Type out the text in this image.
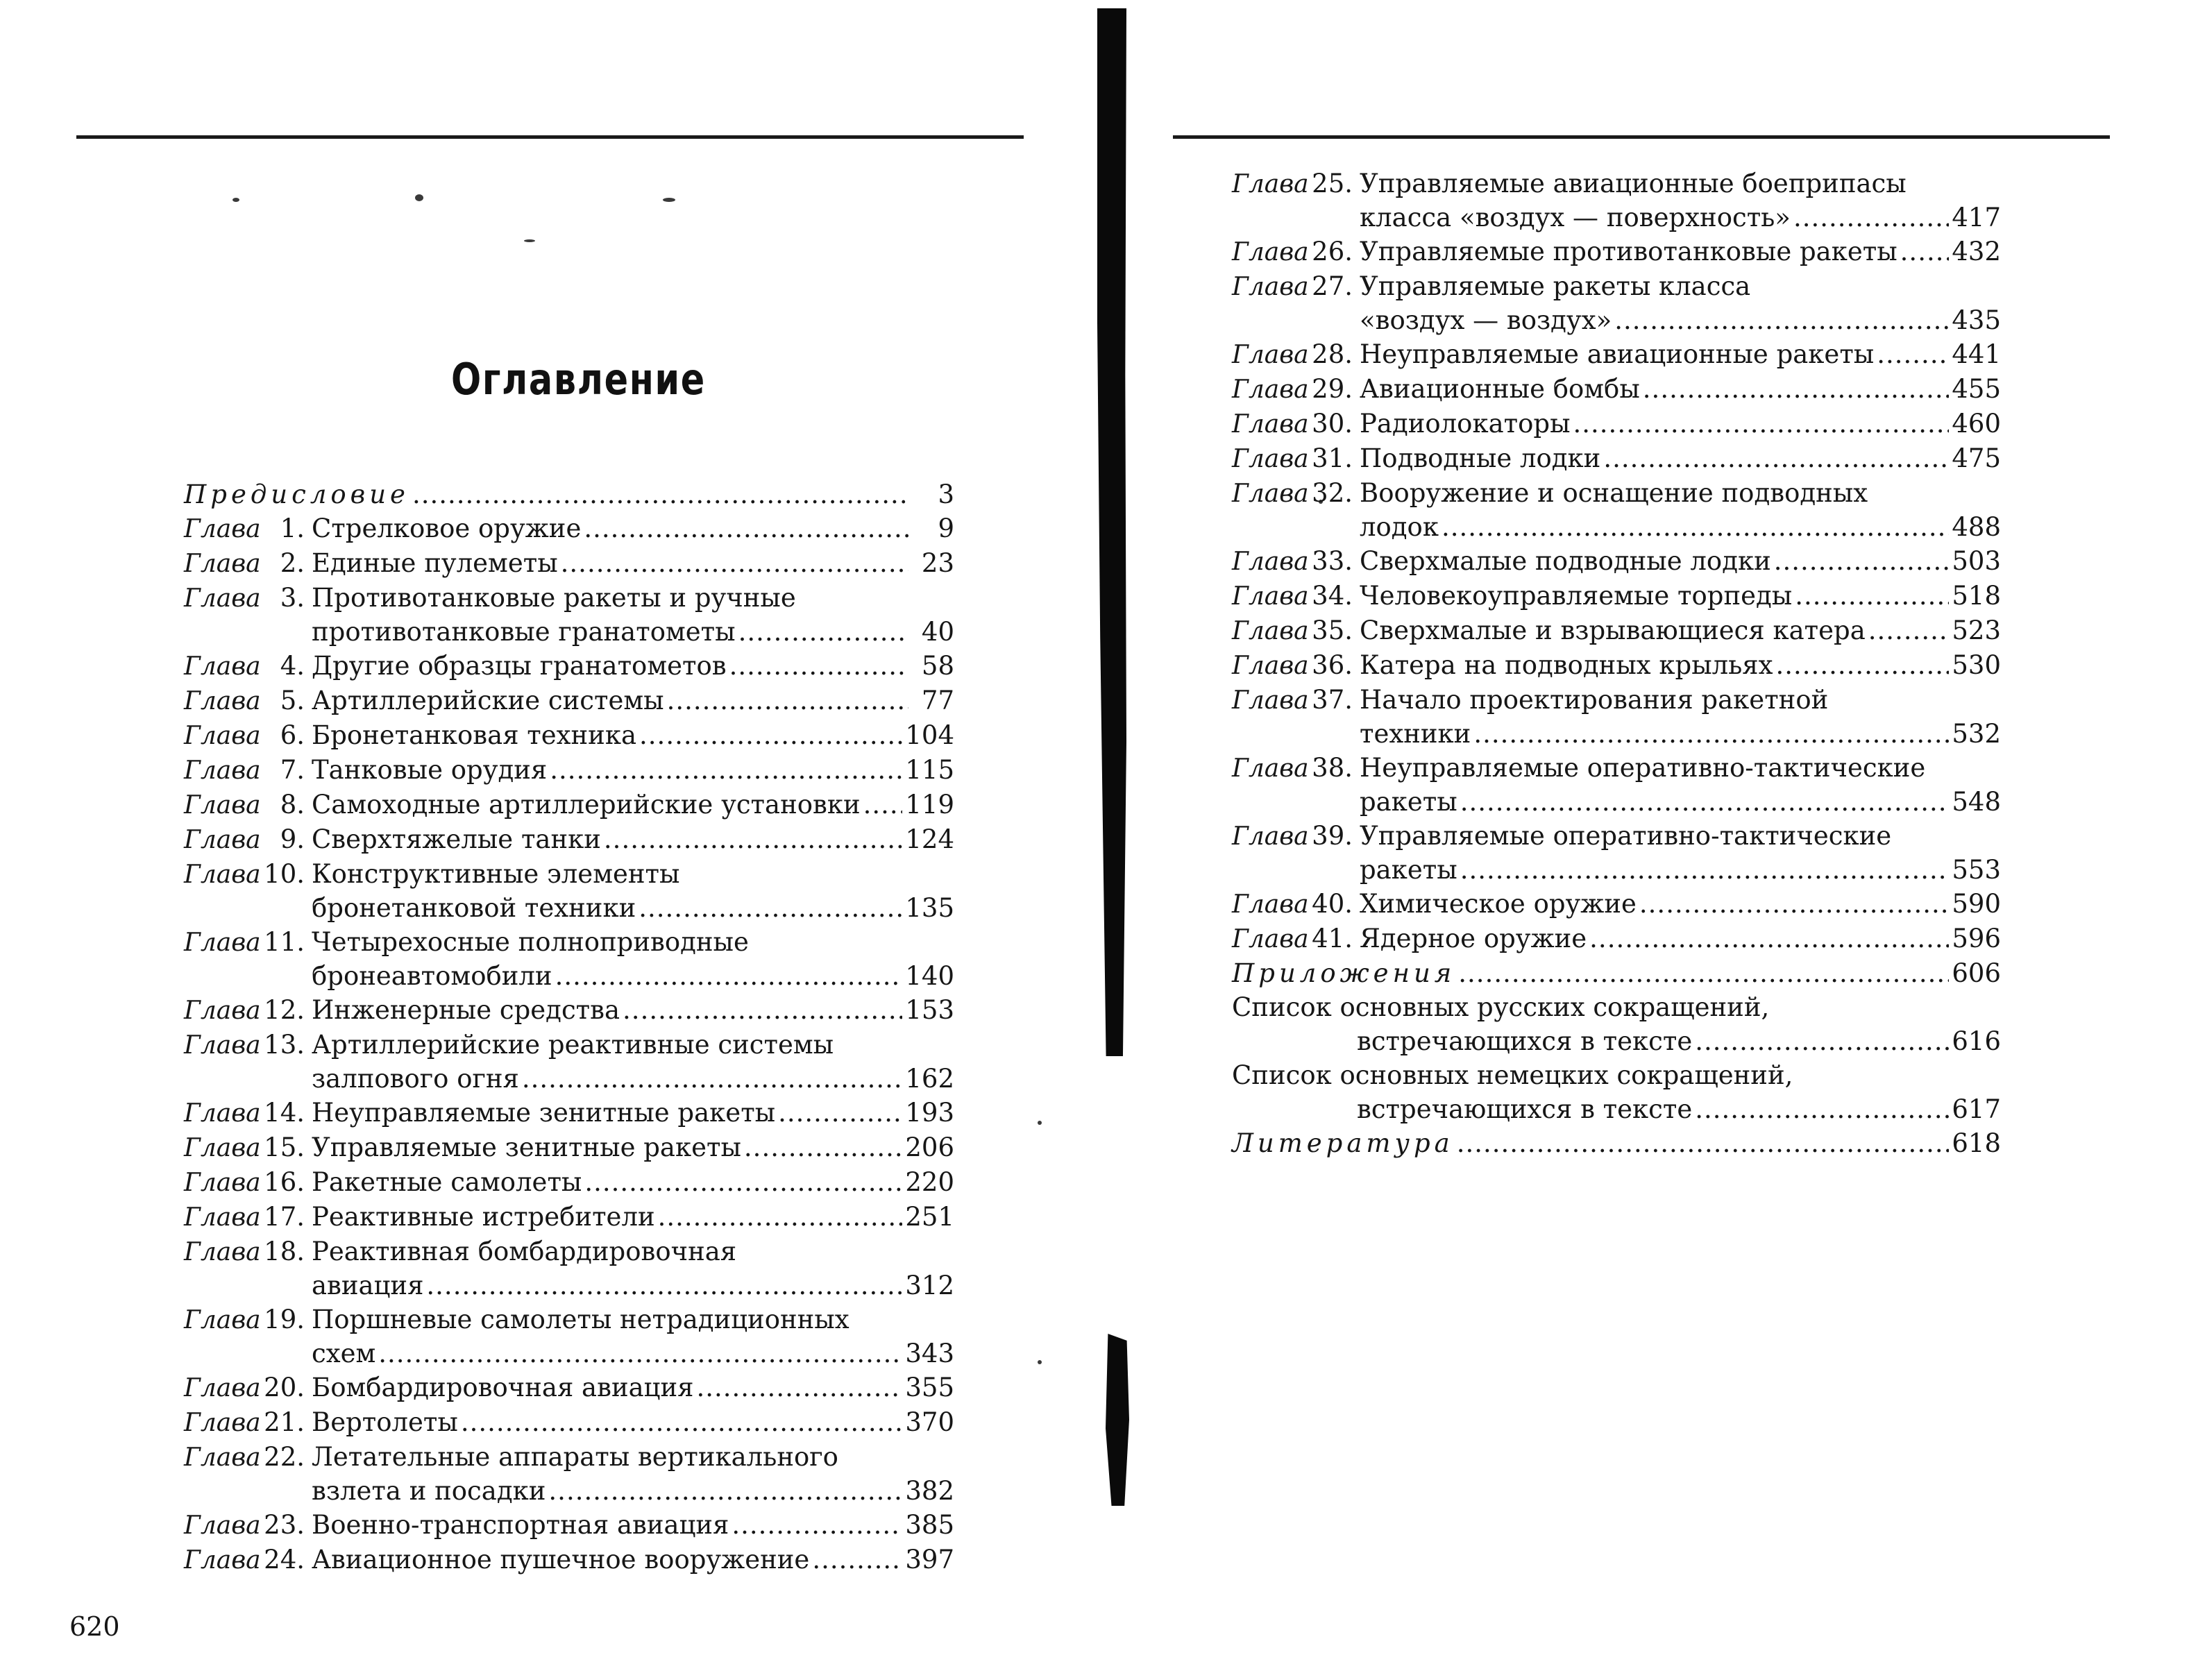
Оглавление
Предисловие .....	3
Глава 1. Стрелковое оружие .....	9
Глава 2. Единые пулеметы .....	23
Глава 3. Противотанковые ракеты и ручные
противотанковые гранатометы .....	40
Глава 4. Другие образцы гранатометов .....	58
Глава 5. Артиллерийские системы .....	77
Глава 6. Бронетанковая техника .....	104
Глава 7. Танковые орудия .....	115
Глава 8. Самоходные артиллерийские установки ..... 119
Глава 9. Сверхтяжелые танки .....	124
Глава 10. Конструктивные элементы
бронетанковой техники .....	135
Глава 11. Четырехосные полноприводные
бронеавтомобили .....	140
Глава 12. Инженерные средства .....	153
Глава 13. Артиллерийские реактивные системы
залпового огня .....	162
Глава 14. Неуправляемые зенитные ракеты .....	193
Глава 15. Управляемые зенитные ракеты .....	206
Глава 16. Ракетные самолеты .....	220
Глава 17. Реактивные истребители .....	251
Глава 18. Реактивная бомбардировочная
авиация .....	312
Глава 19. Поршневые самолеты нетрадиционных
схем .....	343
Глава 20. Бомбардировочная авиация .....	355
Глава 21. Вертолеты .....	370
Глава 22. Летательные аппараты вертикального
взлета и посадки .....	382
Глава 23. Военно-транспортная авиация .....	385
Глава 24. Авиационное пушечное вооружение .....	397
Глава 25. Управляемые авиационные боеприпасы
класса «воздух — поверхность» .....	417
Глава 26. Управляемые противотанковые ракеты ..... 432
Глава 27. Управляемые ракеты класса
«воздух — воздух» .....	435
Глава 28. Неуправляемые авиационные ракеты .....	441
Глава 29. Авиационные бомбы .....	455
Глава 30. Радиолокаторы .....	460
Глава 31. Подводные лодки .....	475
Глава 32. Вооружение и оснащение подводных
лодок .....	488
Глава 33. Сверхмалые подводные лодки .....	503
Глава 34. Человекоуправляемые торпеды .....	518
Глава 35. Сверхмалые и взрывающиеся катера .....	523
Глава 36. Катера на подводных крыльях .....	530
Глава 37. Начало проектирования ракетной
техники .....	532
Глава 38. Неуправляемые оперативно-тактические
ракеты .....	548
Глава 39. Управляемые оперативно-тактические
ракеты .....	553
Глава 40. Химическое оружие .....	590
Глава 41. Ядерное оружие .....	596
Приложения .....	606
Список основных русских сокращений,
встречающихся в тексте .....	616
Список основных немецких сокращений,
встречающихся в тексте .....	617
Литература .....	618
620
